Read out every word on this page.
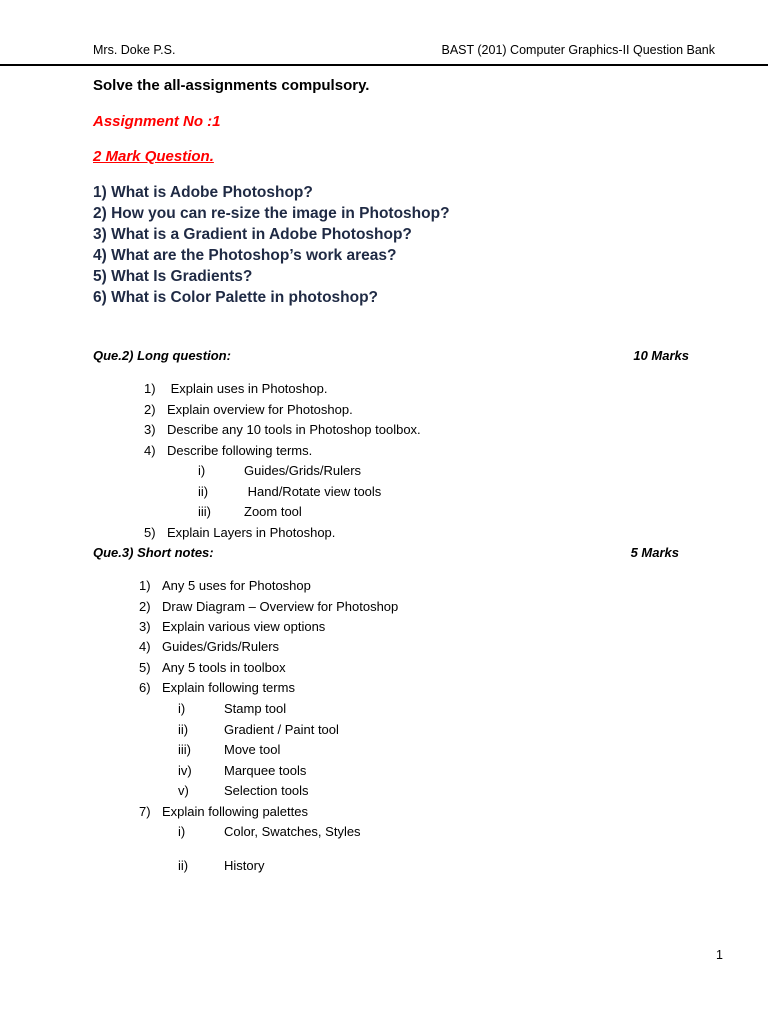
Mrs. Doke P.S.	BAST (201) Computer Graphics-II Question Bank
Solve the all-assignments compulsory.
Assignment No :1
2 Mark Question.
1) What is Adobe Photoshop?
2) How you can re-size the image in Photoshop?
3) What is a Gradient in Adobe Photoshop?
4) What are the Photoshop’s work areas?
5) What Is Gradients?
6) What is Color Palette in photoshop?
Que.2) Long question:	10 Marks
1) Explain uses in Photoshop.
2) Explain overview for Photoshop.
3) Describe any 10 tools in Photoshop toolbox.
4) Describe following terms.
i)	Guides/Grids/Rulers
ii)	Hand/Rotate view tools
iii)	Zoom tool
5) Explain Layers in Photoshop.
Que.3) Short notes:	5 Marks
1) Any 5 uses for Photoshop
2) Draw Diagram – Overview for Photoshop
3) Explain various view options
4) Guides/Grids/Rulers
5) Any 5 tools in toolbox
6) Explain following terms
i)	Stamp tool
ii)	Gradient / Paint tool
iii)	Move tool
iv) Marquee tools
v)	Selection tools
7) Explain following palettes
i)	Color, Swatches, Styles
ii)	History
1
